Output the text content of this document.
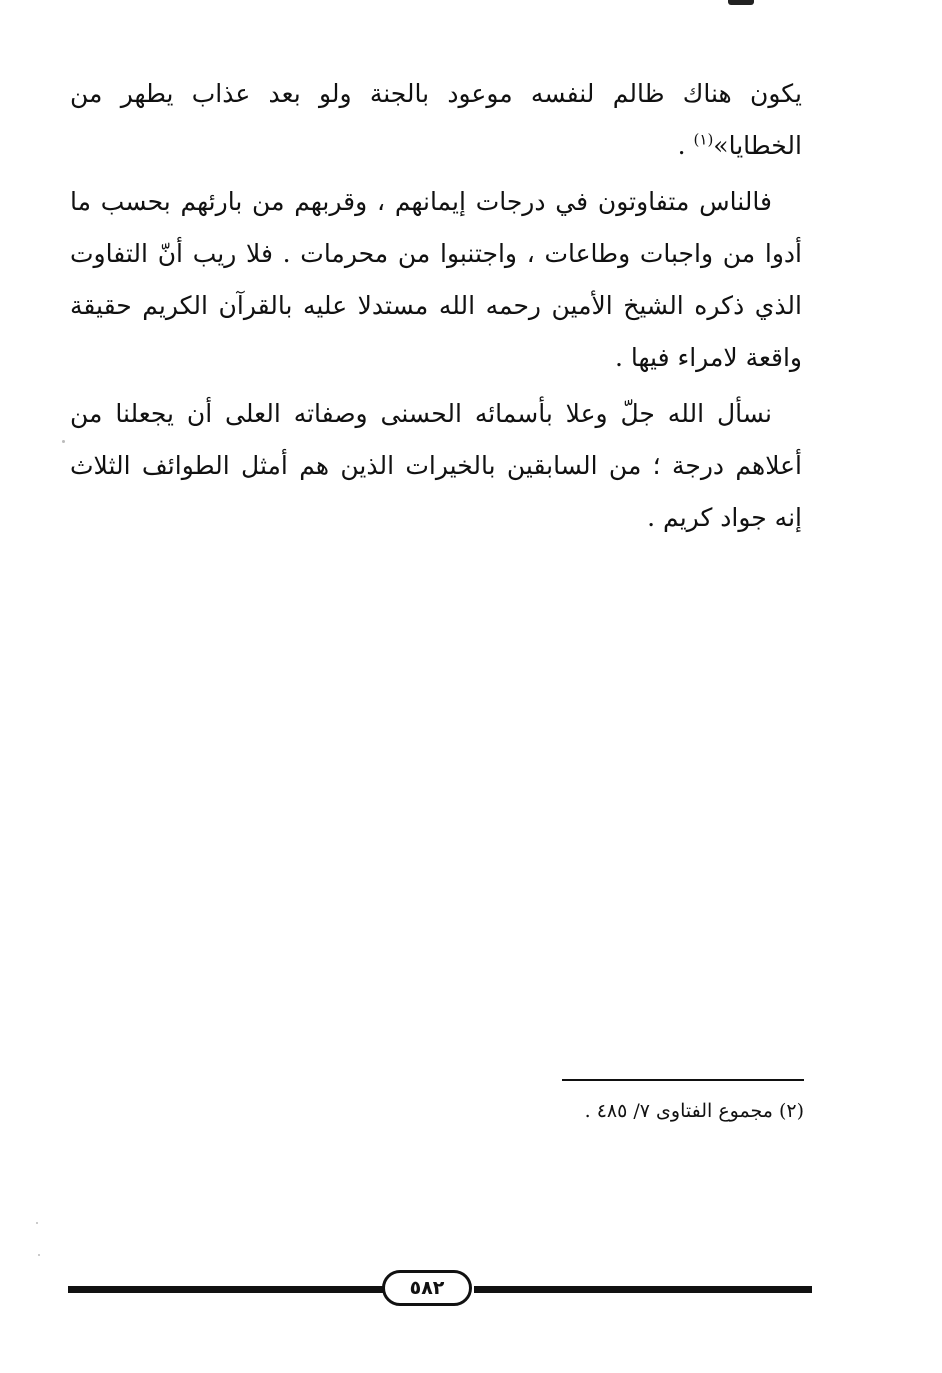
يكون هناك ظالم لنفسه موعود بالجنة ولو بعد عذاب يطهر من الخطايا»$^{(١)}$ .

فالناس متفاوتون في درجات إيمانهم ، وقربهم من بارئهم بحسب ما أدوا من واجبات وطاعات ، واجتنبوا من محرمات . فلا ريب أنّ التفاوت الذي ذكره الشيخ الأمين رحمه الله مستدلا عليه بالقرآن الكريم حقيقة واقعة لامراء فيها .

نسأل الله جلّ وعلا بأسمائه الحسنى وصفاته العلى أن يجعلنا من أعلاهم درجة ؛ من السابقين بالخيرات الذين هم أمثل الطوائف الثلاث إنه جواد كريم .

(٢) مجموع الفتاوى ٧/ ٤٨٥ .
٥٨٢
